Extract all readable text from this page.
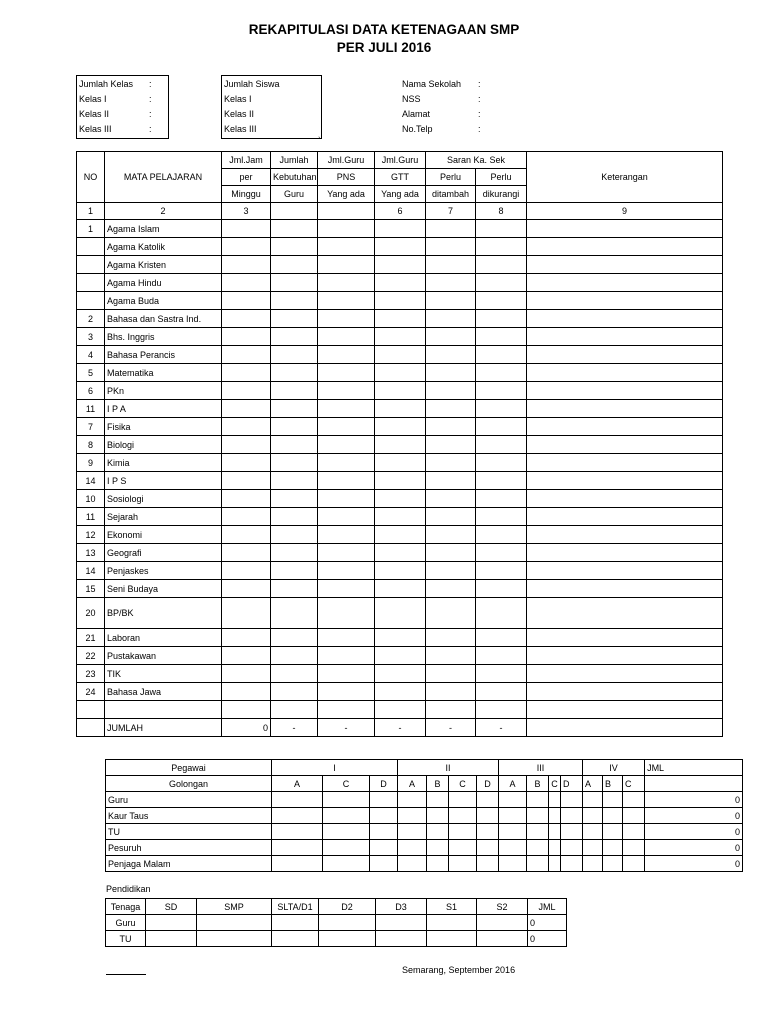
REKAPITULASI DATA KETENAGAAN SMP
PER JULI 2016
Jumlah Kelas	:
Kelas I	:
Kelas II	:
Kelas III	:
Jumlah Siswa
Kelas I
Kelas II
Kelas III
Nama Sekolah	:
NSS	:
Alamat	:
No.Telp	:
`
NO	MATA PELAJARAN	Jml.Jam	Jumlah	Jml.Guru	Jml.Guru	Saran Ka. Sek		Keterangan
		per	Kebutuhan	PNS	GTT	Perlu	Perlu	
		Minggu	Guru	Yang ada	Yang ada	ditambah	dikurangi	
1	2	3			6	7	8	9
1	Agama Islam							
	Agama Katolik							
	Agama Kristen							
	Agama Hindu							
	Agama Buda							
2	Bahasa dan Sastra Ind.							
3	Bhs. Inggris							
4	Bahasa Perancis							
5	Matematika							
6	PKn							
11	I P A							
7	Fisika							
8	Biologi							
9	Kimia							
14	I P S							
10	Sosiologi							
11	Sejarah							
12	Ekonomi							
13	Geografi							
14	Penjaskes							
15	Seni Budaya							
20	BP/BK							
21	Laboran							
22	Pustakawan							
23	TIK							
24	Bahasa Jawa							

	JUMLAH	0	-	-	-	-	-	
Pegawai	I			II				III				IV			JML
Golongan	A	C	D	A	B	C	D	A	B	C	D	A	B	C	
Guru															0
Kaur Taus															0
TU															0
Pesuruh															0
Penjaga Malam															0
Pendidikan
Tenaga	SD	SMP	SLTA/D1	D2	D3	S1	S2	JML
Guru								0
TU								0
Semarang, September 2016
